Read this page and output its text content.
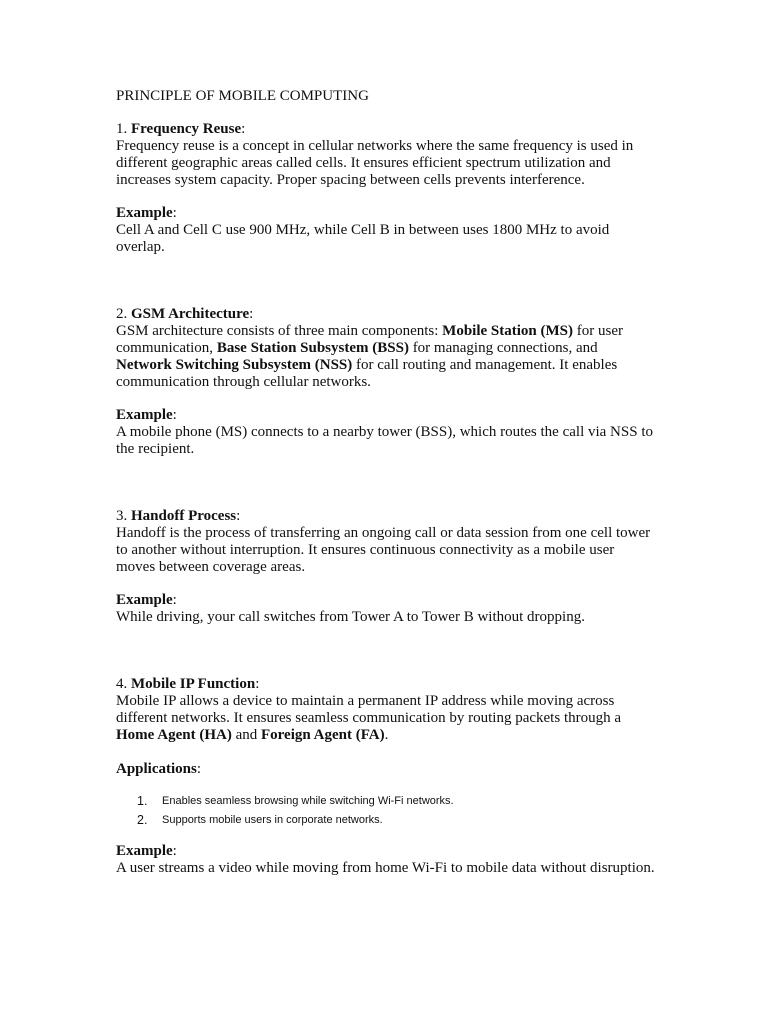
PRINCIPLE OF MOBILE COMPUTING

1. Frequency Reuse:

Frequency reuse is a concept in cellular networks where the same frequency is used in different geographic areas called cells. It ensures efficient spectrum utilization and increases system capacity. Proper spacing between cells prevents interference.

Example:

Cell A and Cell C use 900 MHz, while Cell B in between uses 1800 MHz to avoid overlap.

2. GSM Architecture:

GSM architecture consists of three main components: Mobile Station (MS) for user communication, Base Station Subsystem (BSS) for managing connections, and Network Switching Subsystem (NSS) for call routing and management. It enables communication through cellular networks.

Example:

A mobile phone (MS) connects to a nearby tower (BSS), which routes the call via NSS to the recipient.

3. Handoff Process:

Handoff is the process of transferring an ongoing call or data session from one cell tower to another without interruption. It ensures continuous connectivity as a mobile user moves between coverage areas.

Example:

While driving, your call switches from Tower A to Tower B without dropping.

4. Mobile IP Function:

Mobile IP allows a device to maintain a permanent IP address while moving across different networks. It ensures seamless communication by routing packets through a Home Agent (HA) and Foreign Agent (FA).

Applications:

1. Enables seamless browsing while switching Wi-Fi networks.
2. Supports mobile users in corporate networks.

Example:

A user streams a video while moving from home Wi-Fi to mobile data without disruption.
